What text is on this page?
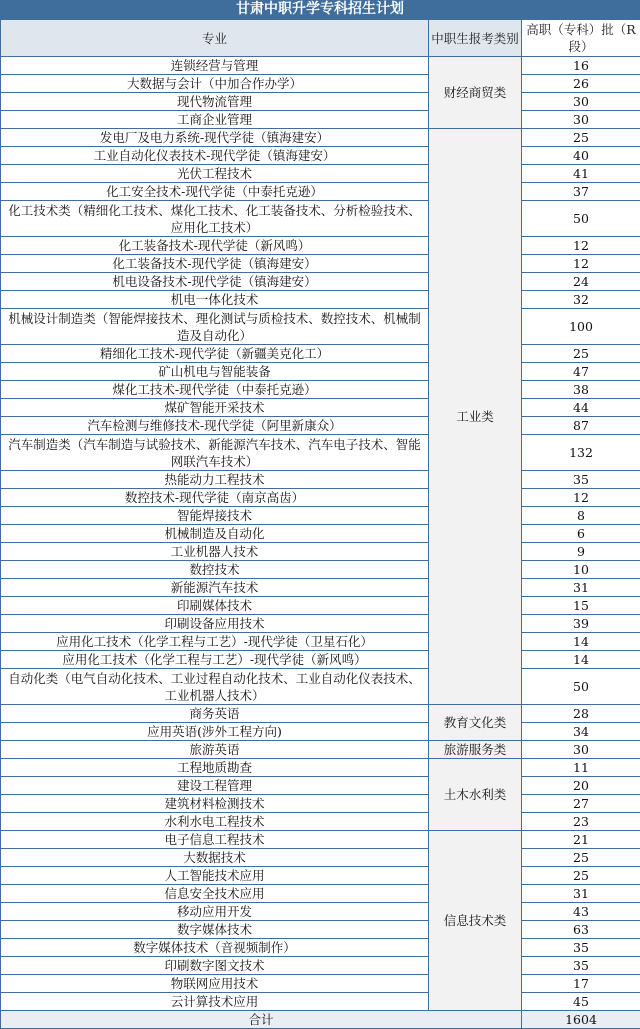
甘肃中职升学专科招生计划
专业	中职生报考类别	高职（专科）批（R段）
连锁经营与管理	财经商贸类	16
大数据与会计（中加合作办学）		26
现代物流管理		30
工商企业管理		30
发电厂及电力系统-现代学徒（镇海建安）	工业类	25
工业自动化仪表技术-现代学徒（镇海建安）		40
光伏工程技术		41
化工安全技术-现代学徒（中泰托克逊）		37
化工技术类（精细化工技术、煤化工技术、化工装备技术、分析检验技术、应用化工技术）		50
化工装备技术-现代学徒（新风鸣）		12
化工装备技术-现代学徒（镇海建安）		12
机电设备技术-现代学徒（镇海建安）		24
机电一体化技术		32
机械设计制造类（智能焊接技术、理化测试与质检技术、数控技术、机械制造及自动化）		100
精细化工技术-现代学徒（新疆美克化工）		25
矿山机电与智能装备		47
煤化工技术-现代学徒（中泰托克逊）		38
煤矿智能开采技术		44
汽车检测与维修技术-现代学徒（阿里新康众）		87
汽车制造类（汽车制造与试验技术、新能源汽车技术、汽车电子技术、智能网联汽车技术）		132
热能动力工程技术		35
数控技术-现代学徒（南京高齿）		12
智能焊接技术		8
机械制造及自动化		6
工业机器人技术		9
数控技术		10
新能源汽车技术		31
印刷媒体技术		15
印刷设备应用技术		39
应用化工技术（化学工程与工艺）-现代学徒（卫星石化）		14
应用化工技术（化学工程与工艺）-现代学徒（新风鸣）		14
自动化类（电气自动化技术、工业过程自动化技术、工业自动化仪表技术、工业机器人技术）		50
商务英语	教育文化类	28
应用英语(涉外工程方向)		34
旅游英语	旅游服务类	30
工程地质勘查	土木水利类	11
建设工程管理		20
建筑材料检测技术		27
水利水电工程技术		23
电子信息工程技术	信息技术类	21
大数据技术		25
人工智能技术应用		25
信息安全技术应用		31
移动应用开发		43
数字媒体技术		63
数字媒体技术（音视频制作）		35
印刷数字图文技术		35
物联网应用技术		17
云计算技术应用		45
合计		1604
